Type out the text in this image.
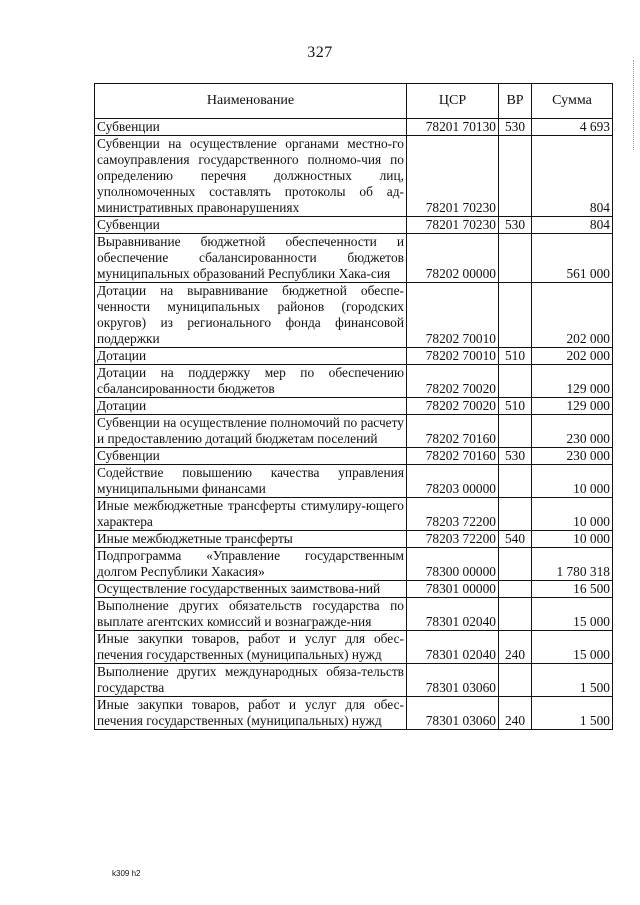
327
Наименование	ЦСР	ВР	Сумма
Субвенции	78201 70130	530	4 693
Субвенции на осуществление органами местно-го самоуправления государственного полномо-чия по определению перечня должностных лиц, уполномоченных составлять протоколы об ад-министративных правонарушениях	78201 70230		804
Субвенции	78201 70230	530	804
Выравнивание бюджетной обеспеченности и обеспечение сбалансированности бюджетов муниципальных образований Республики Хака-сия	78202 00000		561 000
Дотации на выравнивание бюджетной обеспе-ченности муниципальных районов (городских округов) из регионального фонда финансовой поддержки	78202 70010		202 000
Дотации	78202 70010	510	202 000
Дотации на поддержку мер по обеспечению сбалансированности бюджетов	78202 70020		129 000
Дотации	78202 70020	510	129 000
Субвенции на осуществление полномочий по расчету и предоставлению дотаций бюджетам поселений	78202 70160		230 000
Субвенции	78202 70160	530	230 000
Содействие повышению качества управления муниципальными финансами	78203 00000		10 000
Иные межбюджетные трансферты стимулиру-ющего характера	78203 72200		10 000
Иные межбюджетные трансферты	78203 72200	540	10 000
Подпрограмма «Управление государственным долгом Республики Хакасия»	78300 00000		1 780 318
Осуществление государственных заимствова-ний	78301 00000		16 500
Выполнение других обязательств государства по выплате агентских комиссий и вознагражде-ния	78301 02040		15 000
Иные закупки товаров, работ и услуг для обес-печения государственных (муниципальных) нужд	78301 02040	240	15 000
Выполнение других международных обяза-тельств государства	78301 03060		1 500
Иные закупки товаров, работ и услуг для обес-печения государственных (муниципальных) нужд	78301 03060	240	1 500
k309 h2
